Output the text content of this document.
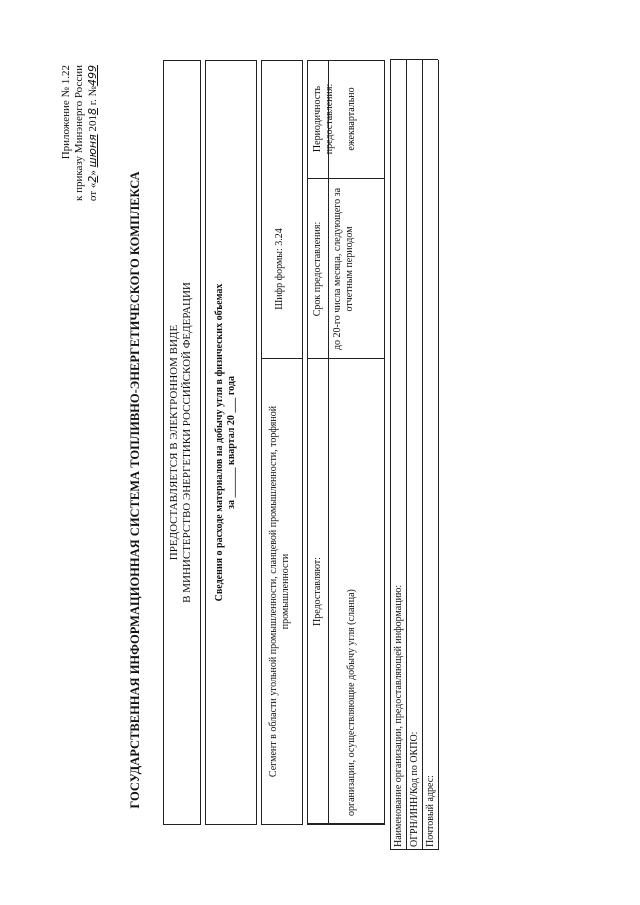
Приложение № 1.22 к приказу Минэнерго России от «2» шюня 2018 г. №499
ГОСУДАРСТВЕННАЯ ИНФОРМАЦИОННАЯ СИСТЕМА ТОПЛИВНО-ЭНЕРГЕТИЧЕСКОГО КОМПЛЕКСА ПРЕДОСТАВЛЯЕТСЯ В ЭЛЕКТРОННОМ ВИДЕ В МИНИСТЕРСТВО ЭНЕРГЕТИКИ РОССИЙСКОЙ ФЕДЕРАЦИИ Сведения о расходе материалов на добычу угля в физических объемах за ______ квартал 20 ___ года
Сегмент в области угольной промышленности, сланцевой промышленности, торфяной промышленности
Шифр формы: 3.24
Предоставляют:
Срок предоставления:
Периодичность предоставления:
организации, осуществляющие добычу угля (сланца)
до 20-го числа месяца, следующего за отчетным периодом
ежеквартально
Наименование организации, предоставляющей информацию: ОГРН/ИНН/Код по ОКПО: Почтовый адрес:
